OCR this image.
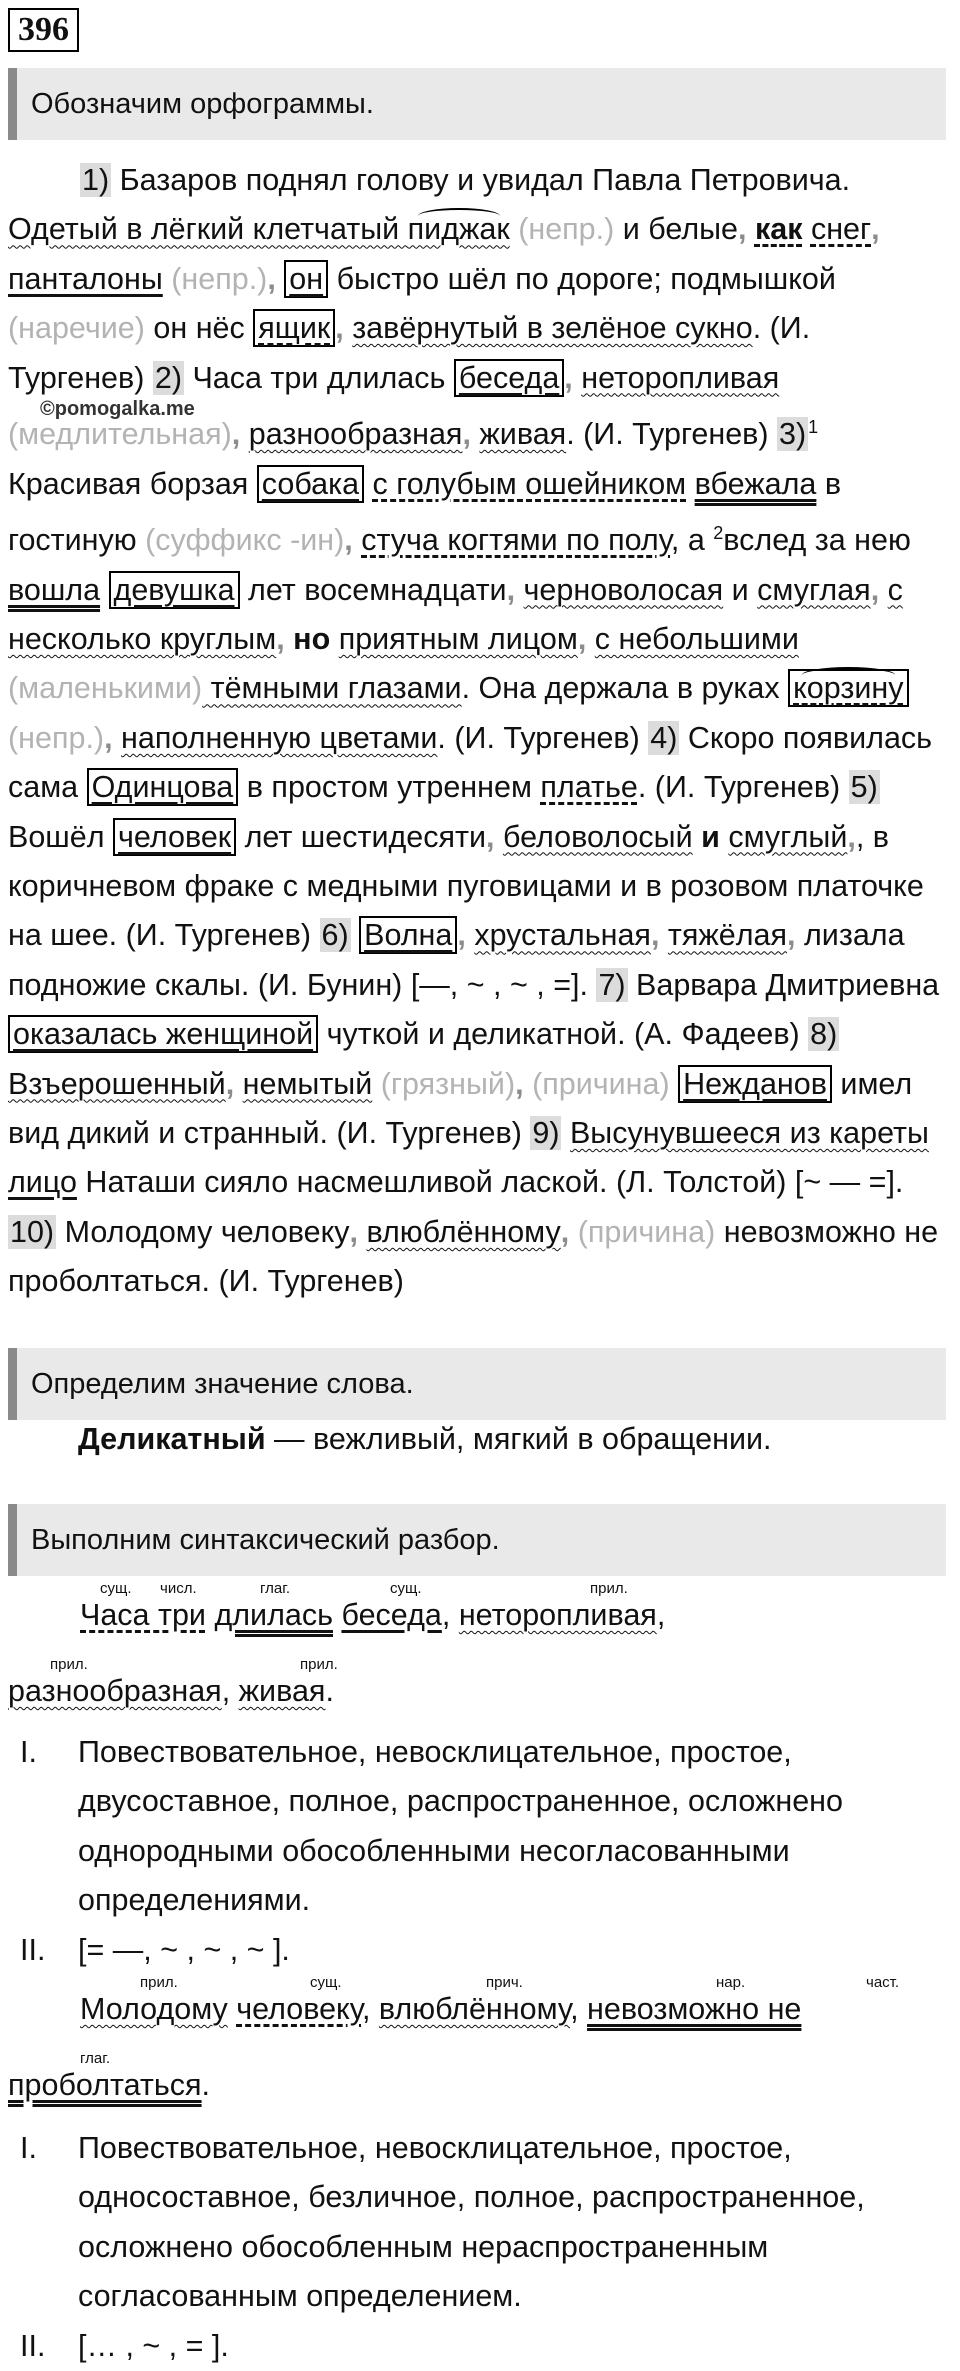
396
Обозначим орфограммы.
©pomogalka.me

1) Базаров поднял голову и увидал Павла Петровича. Одетый в лёгкий клетчатый пиджак (непр.) и белые, как снег, панталоны (непр.), он быстро шёл по дороге; подмышкой (наречие) он нёс ящик , завёрнутый в зелёное сукно. (И. Тургенев) 2) Часа три длилась беседа , неторопливая (медлительная), разнообразная, живая. (И. Тургенев) 3) $^1$ Красивая борзая собака с голубым ошейником вбежала в гостиную (суффикс -ин), стуча когтями по полу, а $^2$вслед за нею вошла девушка лет восемнадцати, черноволосая и смуглая, с несколько круглым, но приятным лицом, с небольшими (маленькими) тёмными глазами. Она держала в руках корзину (непр.), наполненную цветами. (И. Тургенев) 4) Скоро появилась сама Одинцова в простом утреннем платье. (И. Тургенев) 5) Вошёл человек лет шестидесяти, беловолосый и смуглый,, в коричневом фраке с медными пуговицами и в розовом платочке на шее. (И. Тургенев) 6) Волна , хрустальная, тяжёлая, лизала подножие скалы. (И. Бунин) [—, ~ , ~ , =]. 7) Варвара Дмитриевна оказалась женщиной чуткой и деликатной. (А. Фадеев) 8) Взъерошенный, немытый (грязный), (причина) Нежданов имел вид дикий и странный. (И. Тургенев) 9) Высунувшееся из кареты лицо Наташи сияло насмешливой лаской. (Л. Толстой) [~ — =]. 10) Молодому человеку, влюблённому, (причина) невозможно не проболтаться. (И. Тургенев)

Определим значение слова.
Деликатный — вежливый, мягкий в обращении.
Выполним синтаксический разбор.
сущ. числ.	глаг.	сущ.	прил.
Часа три длилась беседа, неторопливая,
прил.	прил.
разнообразная, живая.
I.	Повествовательное, невосклицательное, простое, двусоставное, полное, распространенное, осложнено однородными обособленными несогласованными определениями.
II.	[= —, ~ , ~ , ~ ].
прил.	сущ.	прич.	нар.	част.
Молодому человеку, влюблённому, невозможно не
глаг.
проболтаться.
I.	Повествовательное, невосклицательное, простое, односоставное, безличное, полное, распространенное, осложнено обособленным нераспространенным согласованным определением.
II.	[… , ~ , = ].
